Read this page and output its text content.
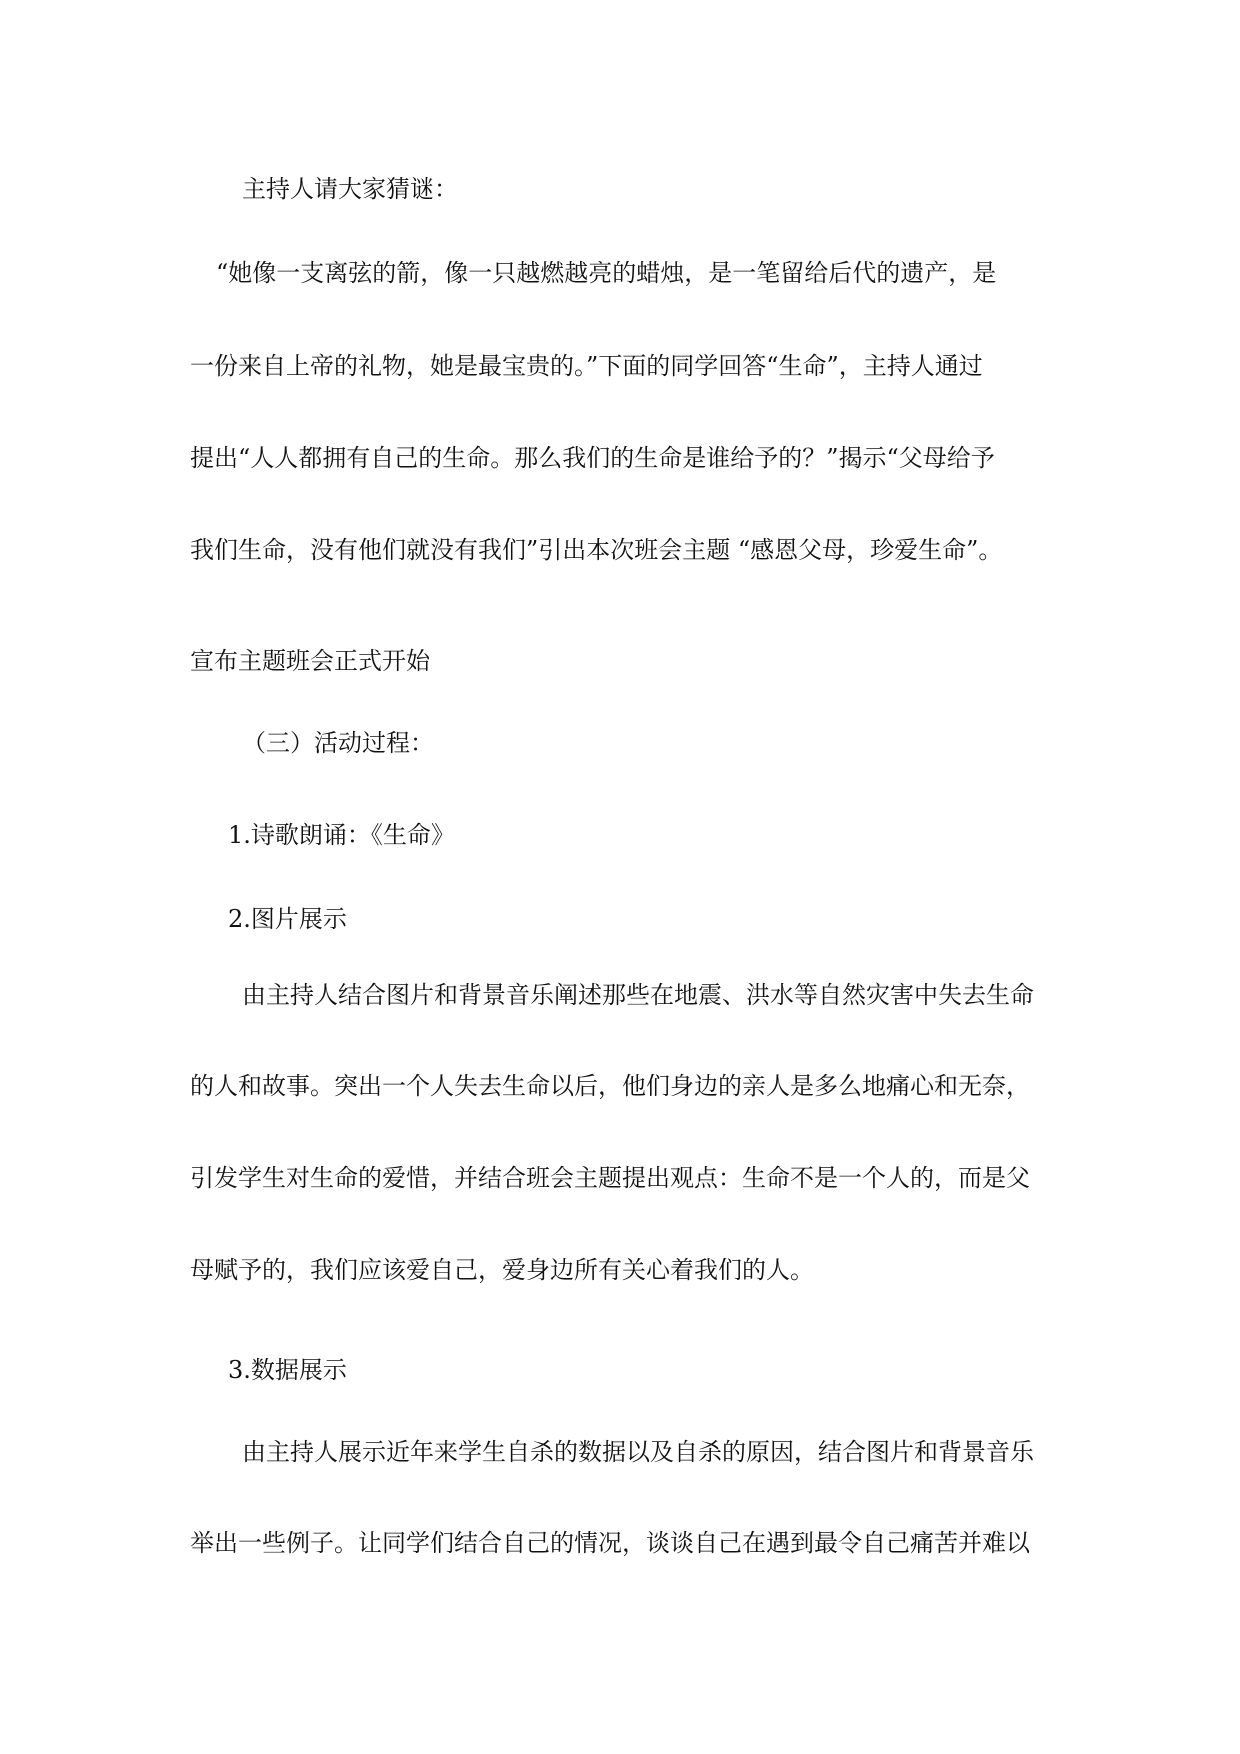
主持人请大家猜谜：
“她像一支离弦的箭，像一只越燃越亮的蜡烛，是一笔留给后代的遗产，是
一份来自上帝的礼物，她是最宝贵的。”下面的同学回答“生命”，主持人通过
提出“人人都拥有自己的生命。那么我们的生命是谁给予的？”揭示“父母给予
我们生命，没有他们就没有我们”引出本次班会主题 “感恩父母，珍爱生命”。
宣布主题班会正式开始
（三）活动过程：
1.诗歌朗诵：《生命》
2.图片展示
由主持人结合图片和背景音乐阐述那些在地震、洪水等自然灾害中失去生命
的人和故事。突出一个人失去生命以后，他们身边的亲人是多么地痛心和无奈，
引发学生对生命的爱惜，并结合班会主题提出观点：生命不是一个人的，而是父
母赋予的，我们应该爱自己，爱身边所有关心着我们的人。
3.数据展示
由主持人展示近年来学生自杀的数据以及自杀的原因，结合图片和背景音乐
举出一些例子。让同学们结合自己的情况，谈谈自己在遇到最令自己痛苦并难以
